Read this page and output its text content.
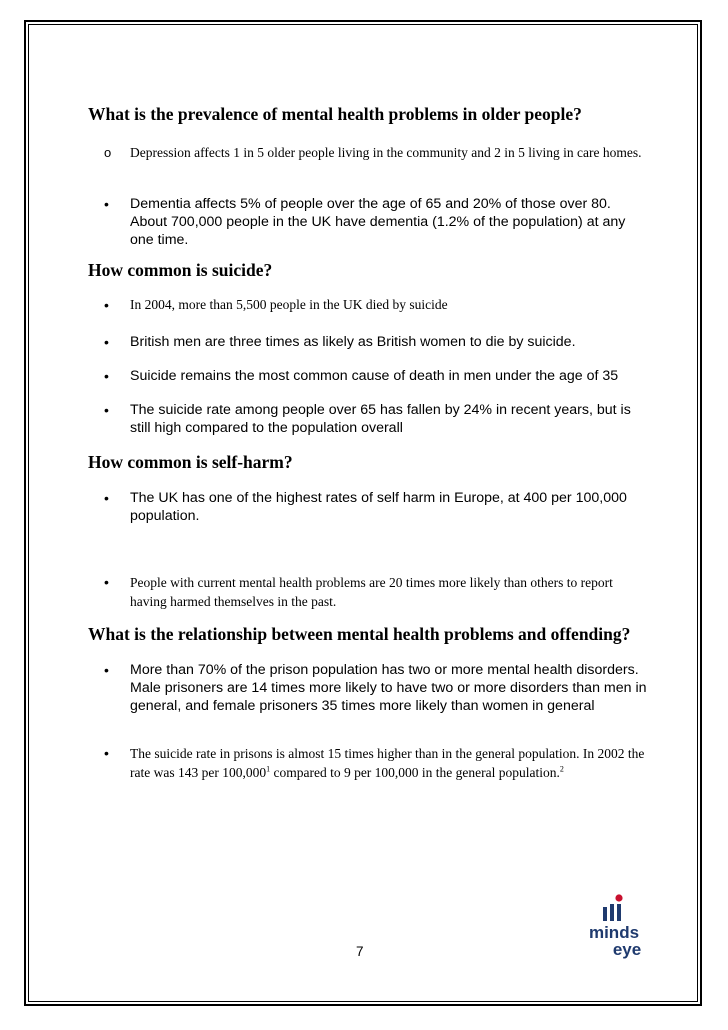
What is the prevalence of mental health problems in older people?
o	Depression affects 1 in 5 older people living in the community and 2 in 5 living in care homes.
•	Dementia affects 5% of people over the age of 65 and 20% of those over 80. About 700,000 people in the UK have dementia (1.2% of the population) at any one time.
How common is suicide?
•	In 2004, more than 5,500 people in the UK died by suicide
•	British men are three times as likely as British women to die by suicide.
•	Suicide remains the most common cause of death in men under the age of 35
•	The suicide rate among people over 65 has fallen by 24% in recent years, but is still high compared to the population overall
How common is self-harm?
•	The UK has one of the highest rates of self harm in Europe, at 400 per 100,000 population.
•	People with current mental health problems are 20 times more likely than others to report having harmed themselves in the past.
What is the relationship between mental health problems and offending?
•	More than 70% of the prison population has two or more mental health disorders. Male prisoners are 14 times more likely to have two or more disorders than men in general, and female prisoners 35 times more likely than women in general
•	The suicide rate in prisons is almost 15 times higher than in the general population. In 2002 the rate was 143 per 100,000$^1$ compared to 9 per 100,000 in the general population.$^2$
7
minds
eye
